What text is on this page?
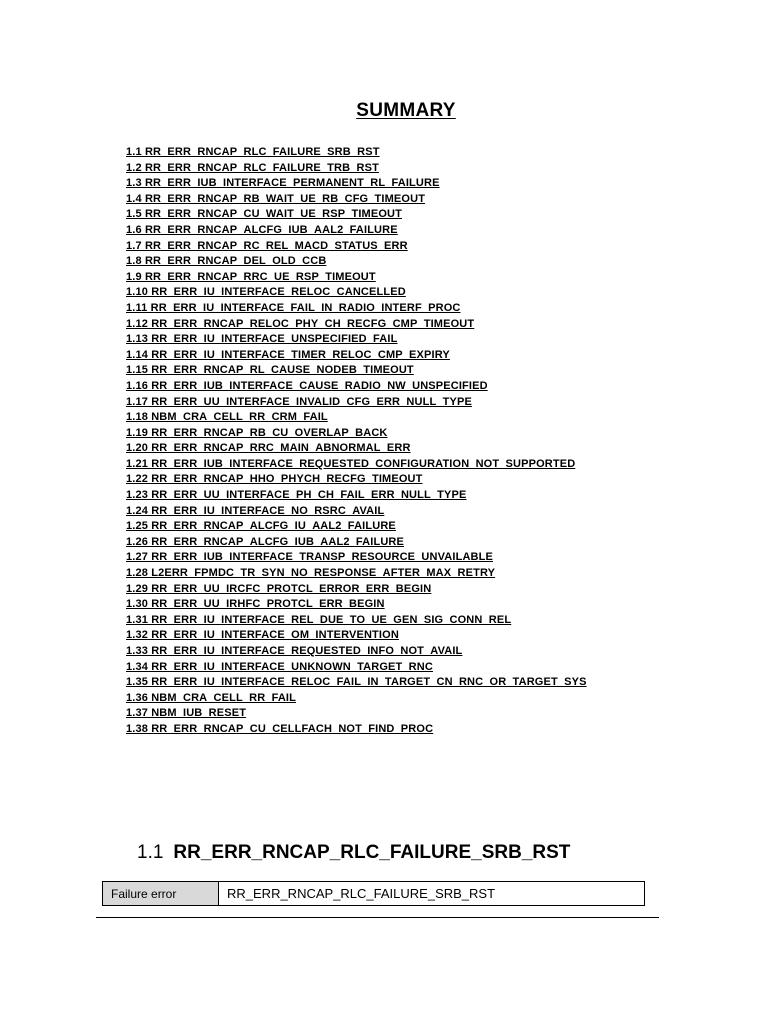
SUMMARY
1.1 RR_ERR_RNCAP_RLC_FAILURE_SRB_RST
1.2 RR_ERR_RNCAP_RLC_FAILURE_TRB_RST
1.3 RR_ERR_IUB_INTERFACE_PERMANENT_RL_FAILURE
1.4 RR_ERR_RNCAP_RB_WAIT_UE_RB_CFG_TIMEOUT
1.5 RR_ERR_RNCAP_CU_WAIT_UE_RSP_TIMEOUT
1.6 RR_ERR_RNCAP_ALCFG_IUB_AAL2_FAILURE
1.7 RR_ERR_RNCAP_RC_REL_MACD_STATUS_ERR
1.8 RR_ERR_RNCAP_DEL_OLD_CCB
1.9 RR_ERR_RNCAP_RRC_UE_RSP_TIMEOUT
1.10 RR_ERR_IU_INTERFACE_RELOC_CANCELLED
1.11 RR_ERR_IU_INTERFACE_FAIL_IN_RADIO_INTERF_PROC
1.12 RR_ERR_RNCAP_RELOC_PHY_CH_RECFG_CMP_TIMEOUT
1.13 RR_ERR_IU_INTERFACE_UNSPECIFIED_FAIL
1.14 RR_ERR_IU_INTERFACE_TIMER_RELOC_CMP_EXPIRY
1.15 RR_ERR_RNCAP_RL_CAUSE_NODEB_TIMEOUT
1.16 RR_ERR_IUB_INTERFACE_CAUSE_RADIO_NW_UNSPECIFIED
1.17 RR_ERR_UU_INTERFACE_INVALID_CFG_ERR_NULL_TYPE
1.18 NBM_CRA_CELL_RR_CRM_FAIL
1.19 RR_ERR_RNCAP_RB_CU_OVERLAP_BACK
1.20 RR_ERR_RNCAP_RRC_MAIN_ABNORMAL_ERR
1.21 RR_ERR_IUB_INTERFACE_REQUESTED_CONFIGURATION_NOT_SUPPORTED
1.22 RR_ERR_RNCAP_HHO_PHYCH_RECFG_TIMEOUT
1.23 RR_ERR_UU_INTERFACE_PH_CH_FAIL_ERR_NULL_TYPE
1.24 RR_ERR_IU_INTERFACE_NO_RSRC_AVAIL
1.25 RR_ERR_RNCAP_ALCFG_IU_AAL2_FAILURE
1.26 RR_ERR_RNCAP_ALCFG_IUB_AAL2_FAILURE
1.27 RR_ERR_IUB_INTERFACE_TRANSP_RESOURCE_UNVAILABLE
1.28 L2ERR_FPMDC_TR_SYN_NO_RESPONSE_AFTER_MAX_RETRY
1.29 RR_ERR_UU_IRCFC_PROTCL_ERROR_ERR_BEGIN
1.30 RR_ERR_UU_IRHFC_PROTCL_ERR_BEGIN
1.31 RR_ERR_IU_INTERFACE_REL_DUE_TO_UE_GEN_SIG_CONN_REL
1.32 RR_ERR_IU_INTERFACE_OM_INTERVENTION
1.33 RR_ERR_IU_INTERFACE_REQUESTED_INFO_NOT_AVAIL
1.34 RR_ERR_IU_INTERFACE_UNKNOWN_TARGET_RNC
1.35 RR_ERR_IU_INTERFACE_RELOC_FAIL_IN_TARGET_CN_RNC_OR_TARGET_SYS
1.36 NBM_CRA_CELL_RR_FAIL
1.37 NBM_IUB_RESET
1.38 RR_ERR_RNCAP_CU_CELLFACH_NOT_FIND_PROC
1.1 RR_ERR_RNCAP_RLC_FAILURE_SRB_RST
Failure error	RR_ERR_RNCAP_RLC_FAILURE_SRB_RST
